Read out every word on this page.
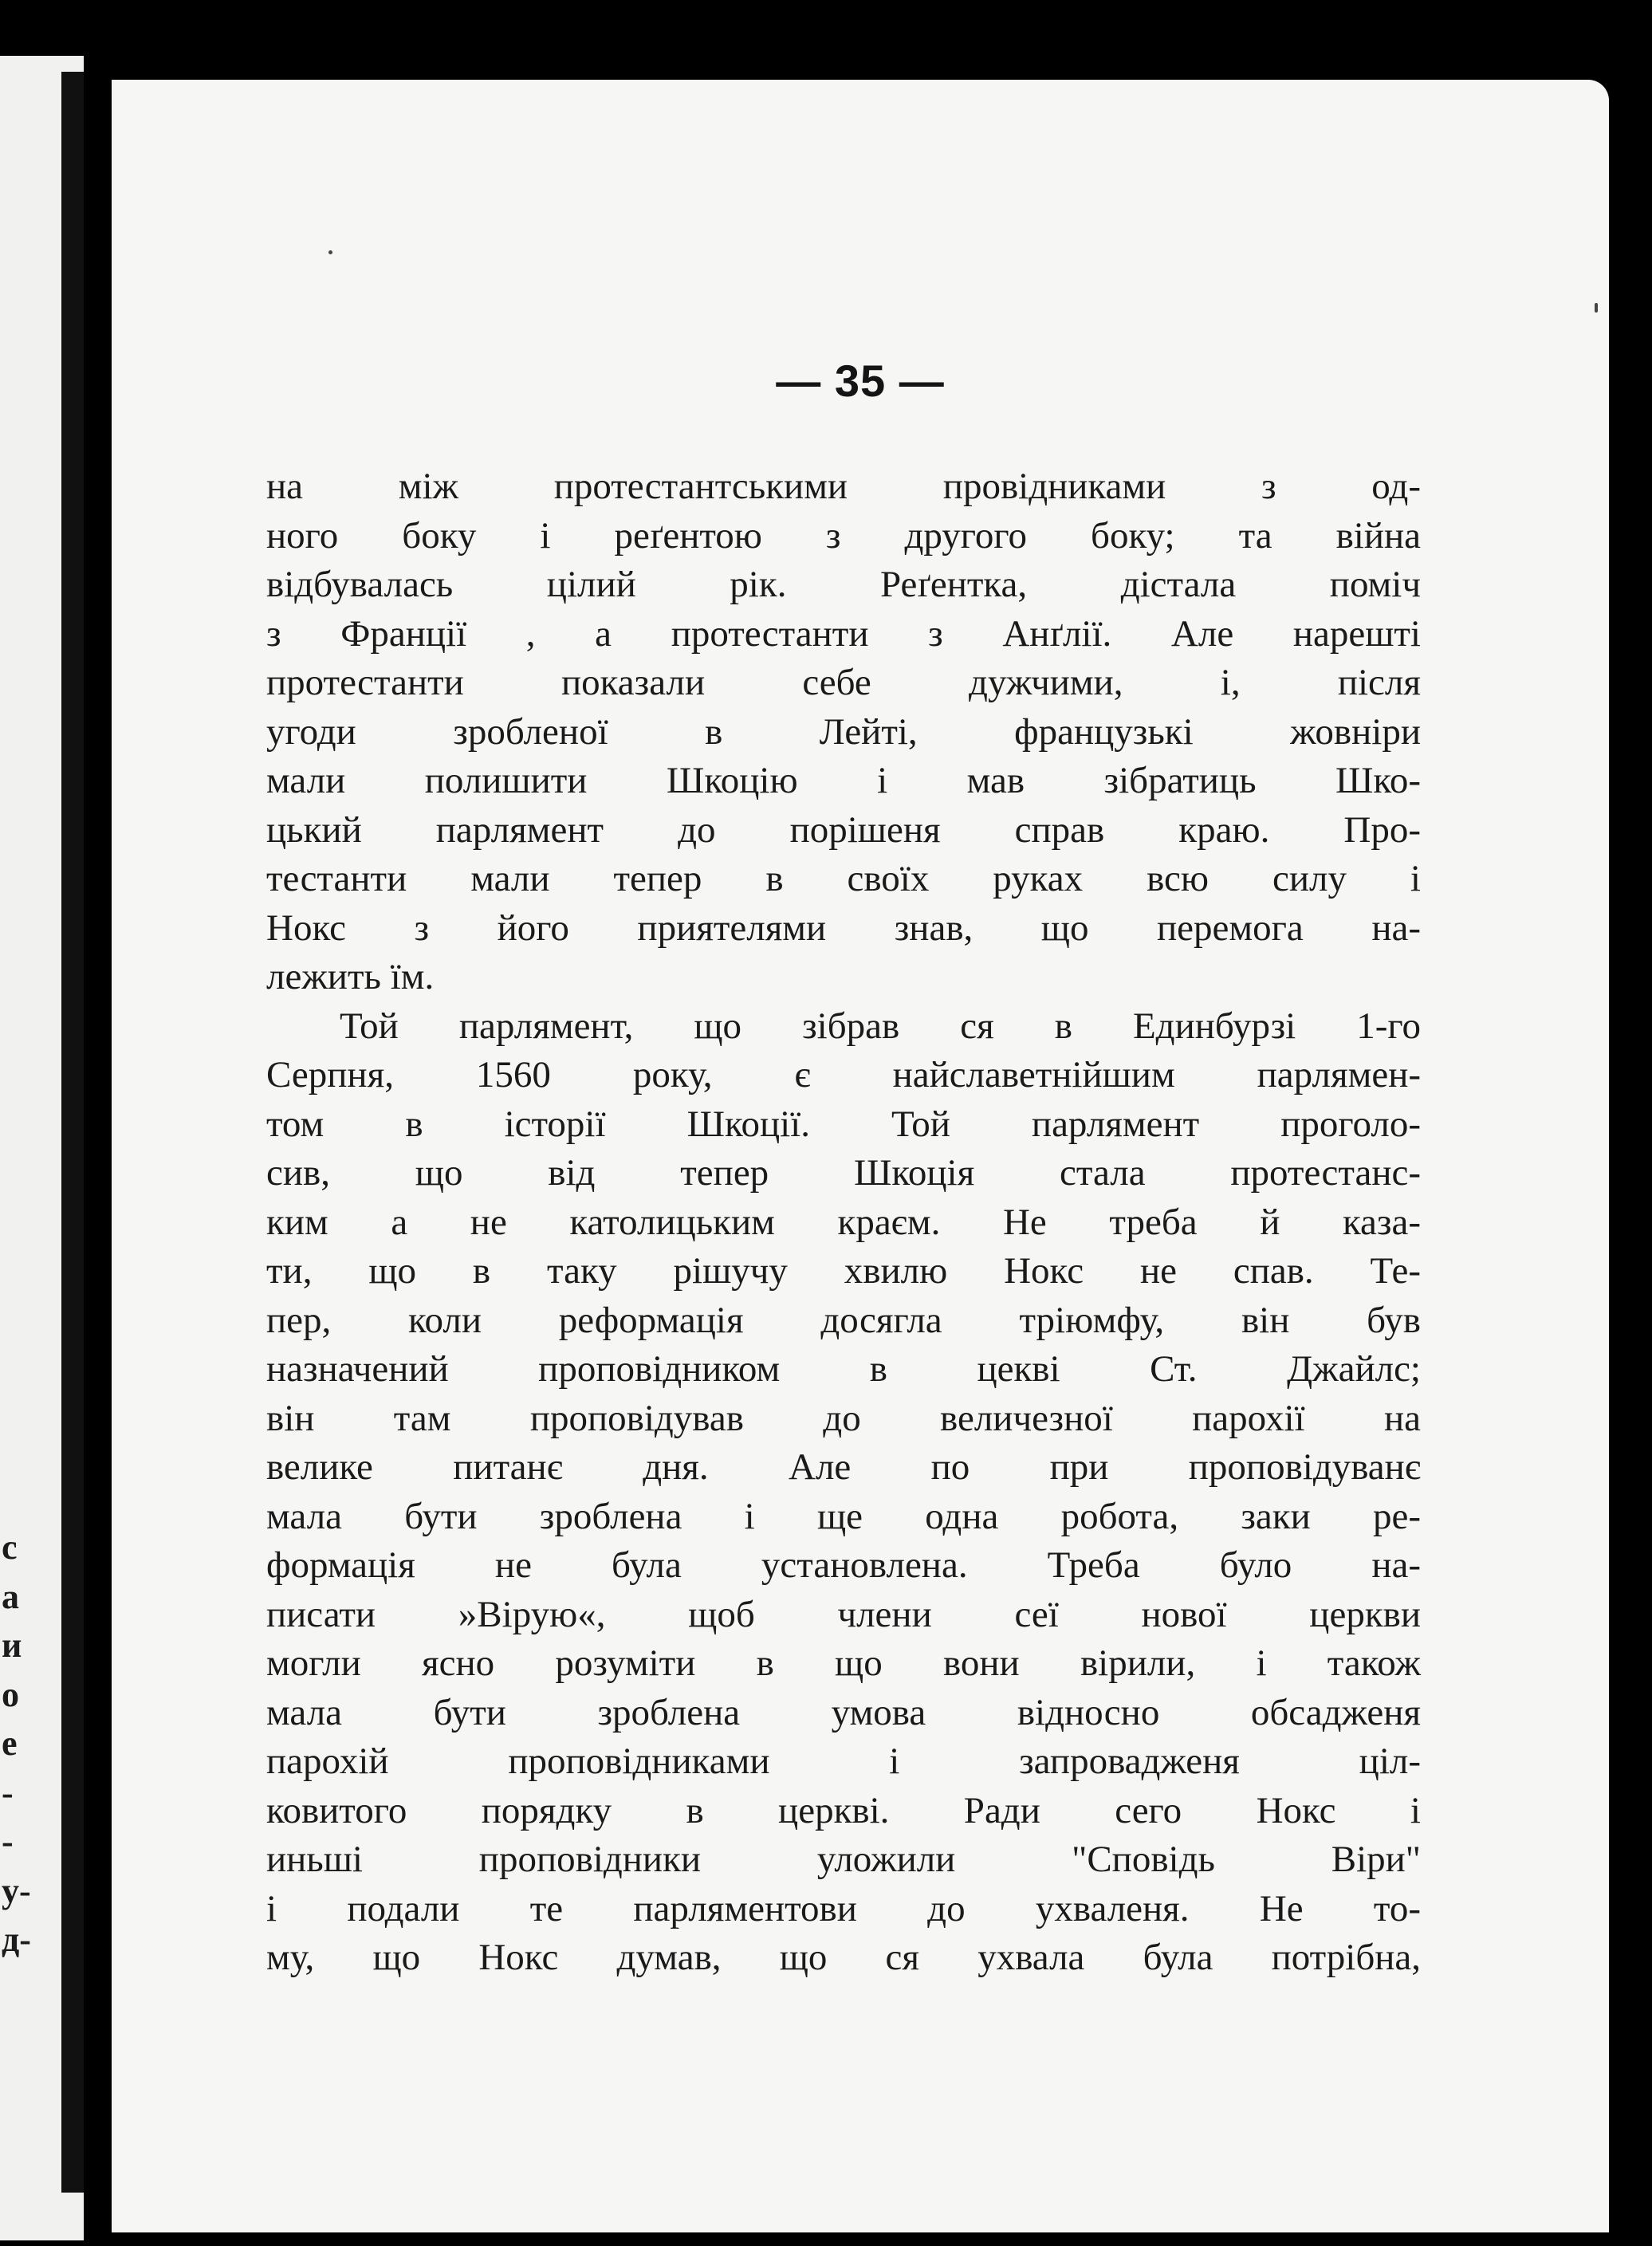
с
а
и
о
е
-
-
у-
д-
— 35 —
на між протестантськими провідниками з од-
ного боку і реґентою з другого боку; та війна
відбувалась цілий рік. Реґентка, дістала поміч
з Франції , а протестанти з Анґлії. Але нарешті
протестанти показали себе дужчими, і, після
угоди зробленої в Лейті, французькі жовніри
мали полишити Шкоцію і мав зібратиць Шко-
цький парлямент до порішеня справ краю. Про-
тестанти мали тепер в своїх руках всю силу і
Нокс з його приятелями знав, що перемога на-
лежить їм.
Той парлямент, що зібрав ся в Единбурзі 1-го
Серпня, 1560 року, є найславетнійшим парлямен-
том в історії Шкоції. Той парлямент проголо-
сив, що від тепер Шкоція стала протестанс-
ким а не католицьким краєм. Не треба й каза-
ти, що в таку рішучу хвилю Нокс не спав. Те-
пер, коли реформація досягла тріюмфу, він був
назначений проповідником в цекві Ст. Джайлс;
він там проповідував до величезної парохії на
велике питанє дня. Але по при проповідуванє
мала бути зроблена і ще одна робота, заки ре-
формація не була установлена. Треба було на-
писати »Вірую«, щоб члени сеї нової церкви
могли ясно розуміти в що вони вірили, і також
мала бути зроблена умова відносно обсадженя
парохій проповідниками і запровадженя ціл-
ковитого порядку в церкві. Ради сего Нокс і
иньші проповідники уложили "Сповідь Віри"
і подали те парляментови до ухваленя. Не то-
му, що Нокс думав, що ся ухвала була потрібна,
